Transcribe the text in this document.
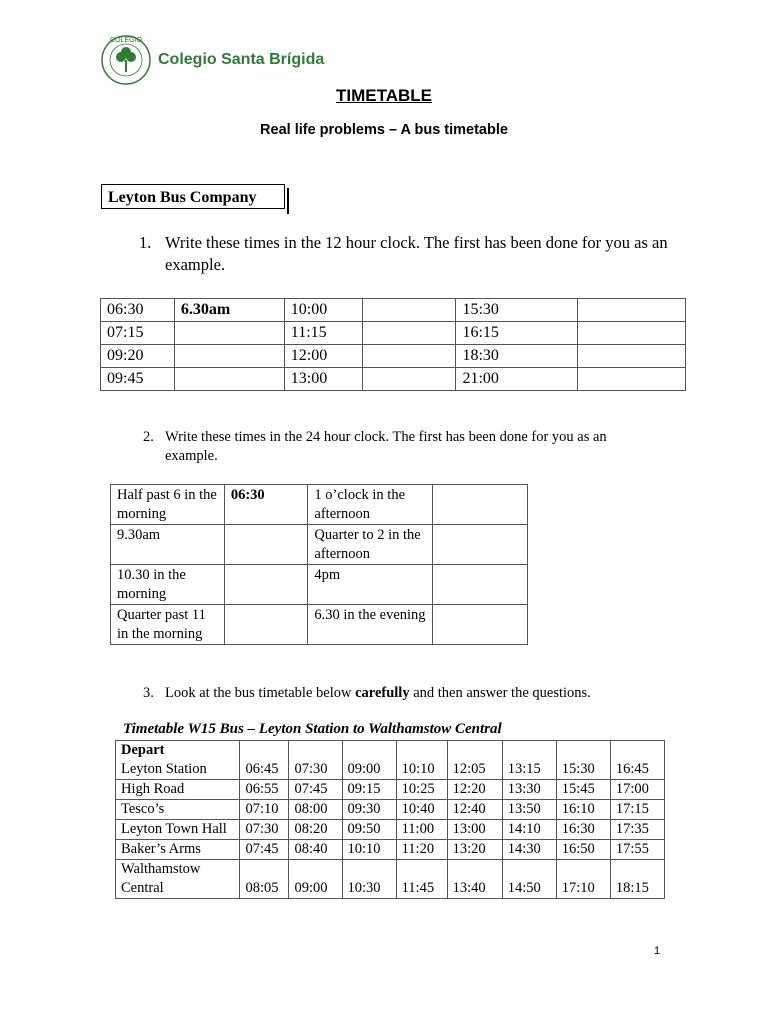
COLEGIO
Colegio Santa Brígida
TIMETABLE
Real life problems – A bus timetable
Leyton Bus Company
1. Write these times in the 12 hour clock. The first has been done for you as an
example.
06:30	6.30am	10:00		15:30	
07:15		11:15		16:15	
09:20		12:00		18:30	
09:45		13:00		21:00	
2. Write these times in the 24 hour clock. The first has been done for you as an
example.
Half past 6 in the morning	06:30	1 o’clock in the afternoon	
9.30am		Quarter to 2 in the afternoon	
10.30 in the morning		4pm	
Quarter past 11 in the morning		6.30 in the evening	
3. Look at the bus timetable below carefully and then answer the questions.
Timetable W15 Bus – Leyton Station to Walthamstow Central
Depart
Leyton Station	06:45	07:30	09:00	10:10	12:05	13:15	15:30	16:45

High Road	06:55	07:45	09:15	10:25	12:20	13:30	15:45	17:00

Tesco’s	07:10	08:00	09:30	10:40	12:40	13:50	16:10	17:15

Leyton Town Hall	07:30	08:20	09:50	11:00	13:00	14:10	16:30	17:35

Baker’s Arms	07:45	08:40	10:10	11:20	13:20	14:30	16:50	17:55

Walthamstow Central	08:05	09:00	10:30	11:45	13:40	14:50	17:10	18:15
1
